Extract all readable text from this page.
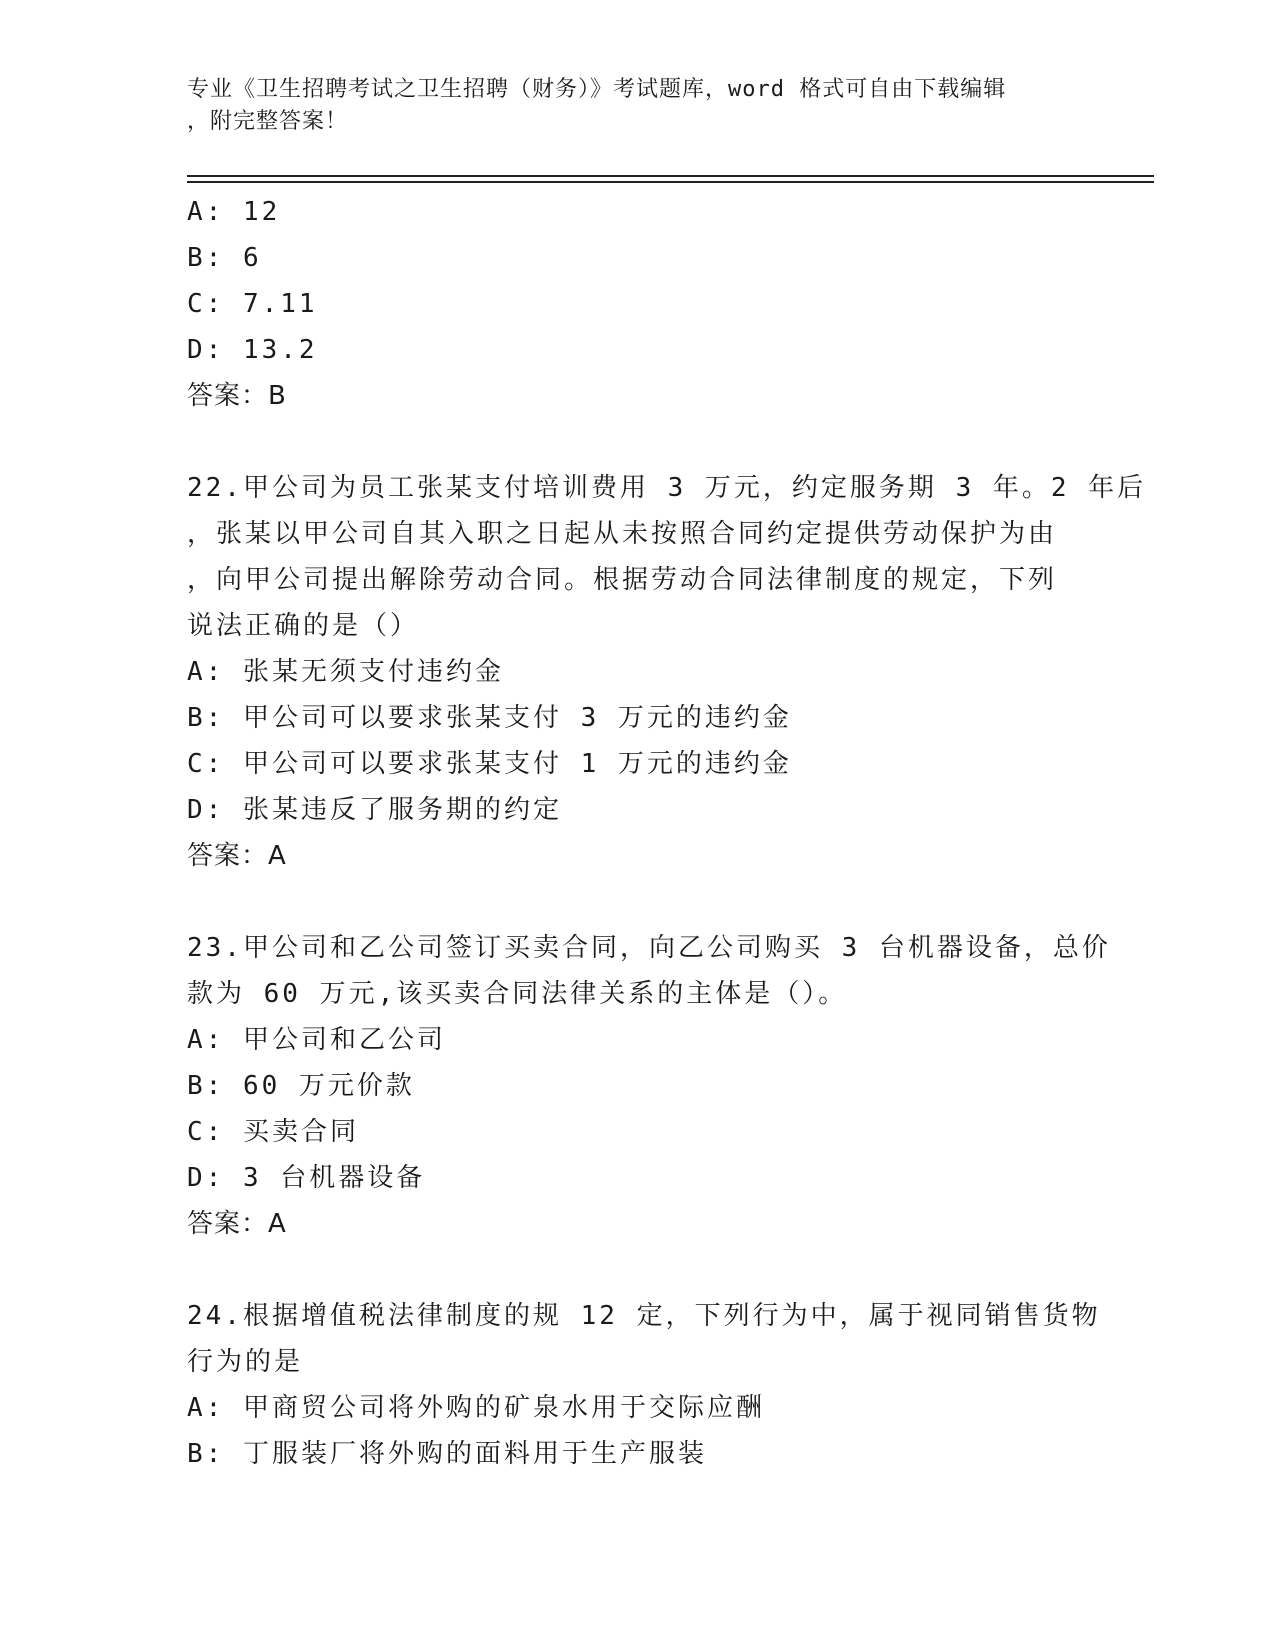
专业《卫生招聘考试之卫生招聘（财务）》考试题库，word 格式可自由下载编辑
，附完整答案！
A: 12
B: 6
C: 7.11
D: 13.2
答案：B
22.甲公司为员工张某支付培训费用 3 万元，约定服务期 3 年。2 年后
，张某以甲公司自其入职之日起从未按照合同约定提供劳动保护为由
，向甲公司提出解除劳动合同。根据劳动合同法律制度的规定，下列
说法正确的是（）
A: 张某无须支付违约金
B: 甲公司可以要求张某支付 3 万元的违约金
C: 甲公司可以要求张某支付 1 万元的违约金
D: 张某违反了服务期的约定
答案：A
23.甲公司和乙公司签订买卖合同，向乙公司购买 3 台机器设备，总价
款为 60 万元,该买卖合同法律关系的主体是（）。
A: 甲公司和乙公司
B: 60 万元价款
C: 买卖合同
D: 3 台机器设备
答案：A
24.根据增值税法律制度的规 12 定，下列行为中，属于视同销售货物
行为的是
A: 甲商贸公司将外购的矿泉水用于交际应酬
B: 丁服装厂将外购的面料用于生产服装
